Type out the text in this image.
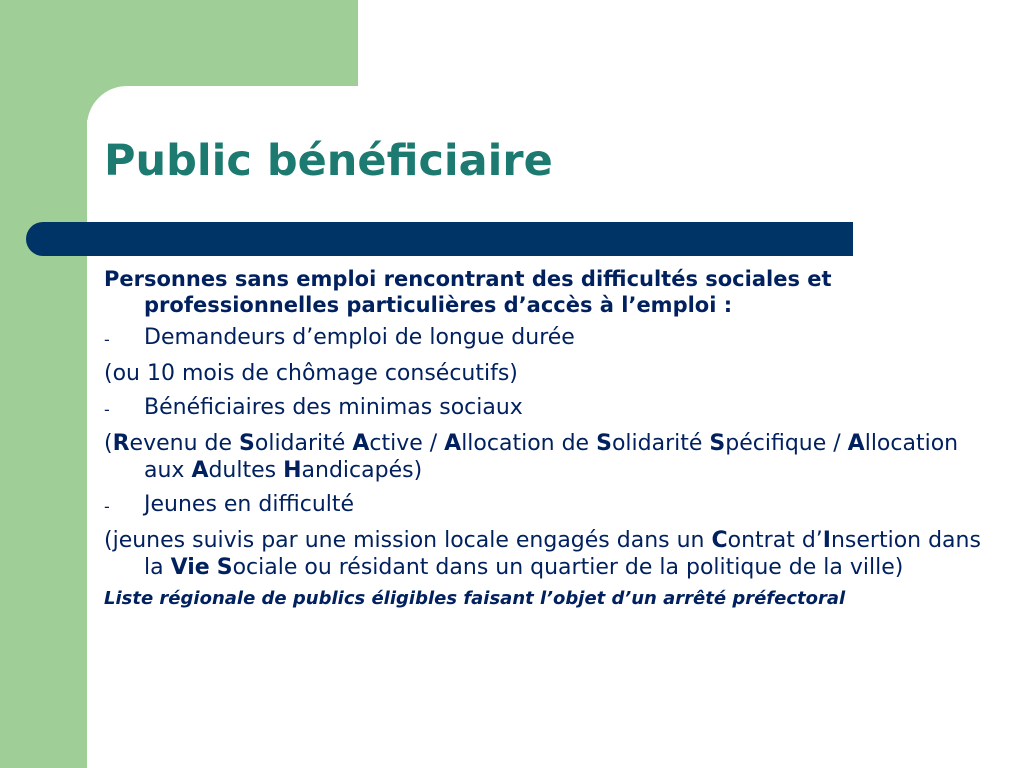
Public bénéficiaire

Personnes sans emploi rencontrant des difficultés sociales et professionnelles particulières d’accès à l’emploi :

-	Demandeurs d’emploi de longue durée

(ou 10 mois de chômage consécutifs)

-	Bénéficiaires des minimas sociaux

(Revenu de Solidarité Active / Allocation de Solidarité Spécifique / Allocation aux Adultes Handicapés)

-	Jeunes en difficulté

(jeunes suivis par une mission locale engagés dans un Contrat d’Insertion dans la Vie Sociale ou résidant dans un quartier de la politique de la ville)

Liste régionale de publics éligibles faisant l’objet d’un arrêté préfectoral
